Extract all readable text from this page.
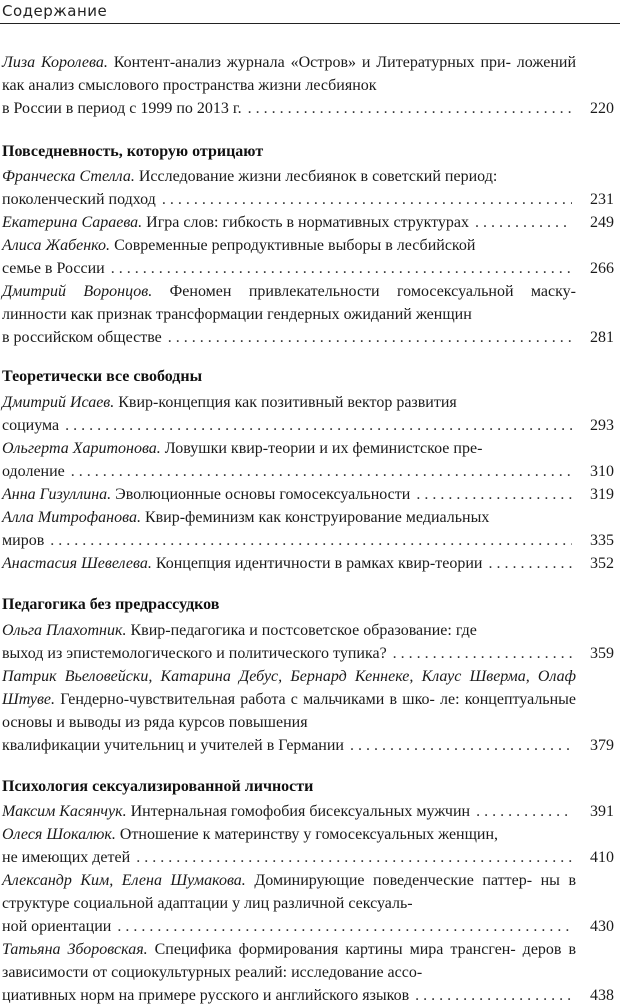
Содержание
Лиза Королева. Контент-анализ журнала «Остров» и Литературных при- ложений как анализ смыслового пространства жизни лесбиянок
в России в период с 1999 по 2013 г. . . .	220
Повседневность, которую отрицают
Франческа Стелла. Исследование жизни лесбиянок в советский период:
поколенческий подход . . .	231
Екатерина Сараева. Игра слов: гибкость в нормативных структурах . . .	249
Алиса Жабенко. Современные репродуктивные выборы в лесбийской
семье в России . . .	266
Дмитрий Воронцов. Феномен привлекательности гомосексуальной маску- линности как признак трансформации гендерных ожиданий женщин
в российском обществе . . .	281
Теоретически все свободны
Дмитрий Исаев. Квир-концепция как позитивный вектор развития
социума . . .	293
Ольгерта Харитонова. Ловушки квир-теории и их феминистское пре-
одоление . . .	310
Анна Гизуллина. Эволюционные основы гомосексуальности . . .	319
Алла Митрофанова. Квир-феминизм как конструирование медиальных
миров . . .	335
Анастасия Шевелева. Концепция идентичности в рамках квир-теории . . .	352
Педагогика без предрассудков
Ольга Плахотник. Квир-педагогика и постсоветское образование: где
выход из эпистемологического и политического тупика? . . .	359
Патрик Вьеловейски, Катарина Дебус, Бернард Кеннеке, Клаус Шверма, Олаф Штуве. Гендерно-чувствительная работа с мальчиками в шко- ле: концептуальные основы и выводы из ряда курсов повышения
квалификации учительниц и учителей в Германии . . .	379
Психология сексуализированной личности
Максим Касянчук. Интернальная гомофобия бисексуальных мужчин . . .	391
Олеся Шокалюк. Отношение к материнству у гомосексуальных женщин,
не имеющих детей . . .	410
Александр Ким, Елена Шумакова. Доминирующие поведенческие паттер- ны в структуре социальной адаптации у лиц различной сексуаль-
ной ориентации . . .	430
Татьяна Зборовская. Специфика формирования картины мира трансген- деров в зависимости от социокультурных реалий: исследование ассо-
циативных норм на примере русского и английского языков . . .	438
